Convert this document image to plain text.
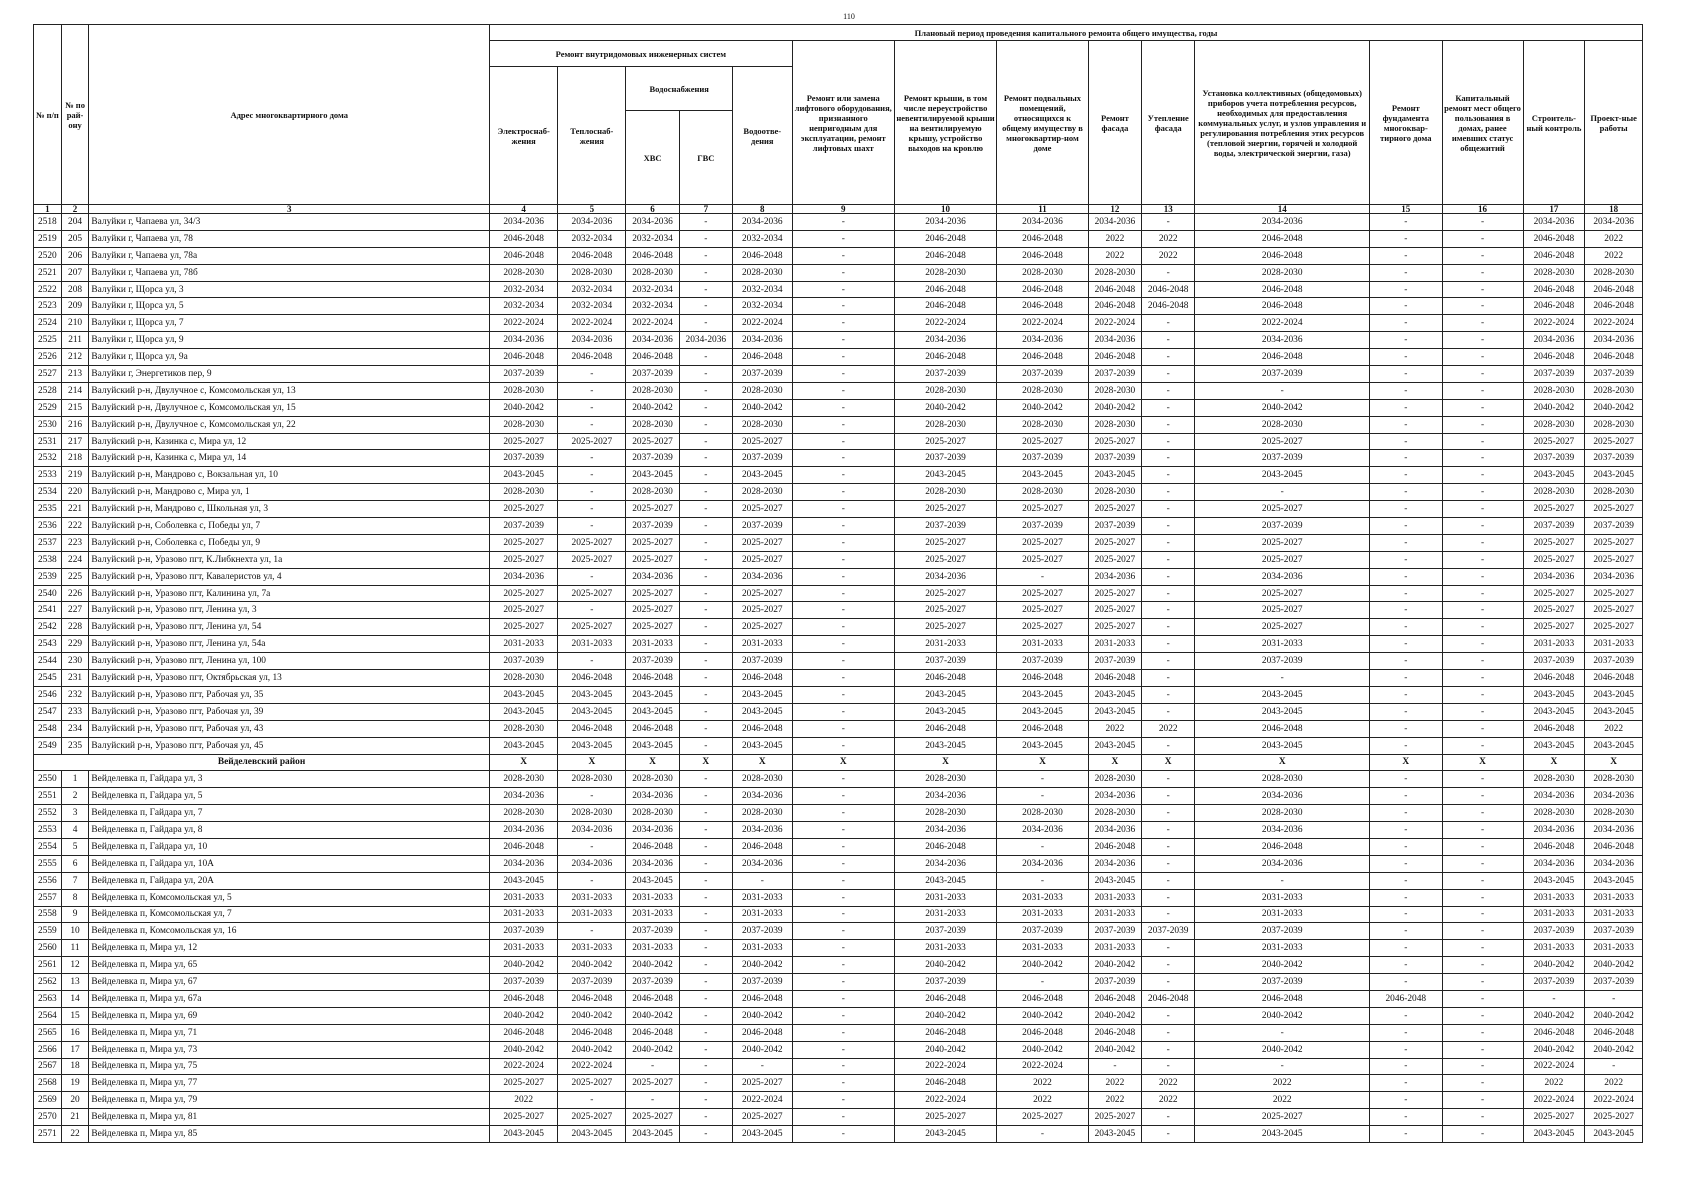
110
№ п/п	№ по рай-ону	Адрес многоквартирного дома	Плановый период проведения капитального ремонта общего имущества, годы														
			Ремонт внутридомовых инженерных систем					Ремонт или замена лифтового оборудования, признанного непригодным для эксплуатации, ремонт лифтовых шахт	Ремонт крыши, в том числе переустройство невентилируемой крыши на вентилируемую крышу, устройство выходов на кровлю	Ремонт подвальных помещений, относящихся к общему имуществу в многоквартир-ном доме	Ремонт фасада	Утепление фасада	Установка коллективных (общедомовых) приборов учета потребления ресурсов, необходимых для предоставления коммунальных услуг, и узлов управления и регулирования потребления этих ресурсов (тепловой энергии, горячей и холодной воды, электрической энергии, газа)	Ремонт фундамента многоквар-тирного дома	Капитальный ремонт мест общего пользования в домах, ранее имевших статус общежитий	Строитель-ный контроль	Проект-ные работы
			Электроснаб-жения	Теплоснаб-жения	Водоснабжения		Водоотве-дения										
					ХВС	ГВС											
1	2	3	4	5	6	7	8	9	10	11	12	13	14	15	16	17	18
2518	204	Валуйки г, Чапаева ул, 34/3	2034-2036	2034-2036	2034-2036	-	2034-2036	-	2034-2036	2034-2036	2034-2036	-	2034-2036	-	-	2034-2036	2034-2036
2519	205	Валуйки г, Чапаева ул, 78	2046-2048	2032-2034	2032-2034	-	2032-2034	-	2046-2048	2046-2048	2022	2022	2046-2048	-	-	2046-2048	2022
2520	206	Валуйки г, Чапаева ул, 78а	2046-2048	2046-2048	2046-2048	-	2046-2048	-	2046-2048	2046-2048	2022	2022	2046-2048	-	-	2046-2048	2022
2521	207	Валуйки г, Чапаева ул, 78б	2028-2030	2028-2030	2028-2030	-	2028-2030	-	2028-2030	2028-2030	2028-2030	-	2028-2030	-	-	2028-2030	2028-2030
2522	208	Валуйки г, Щорса ул, 3	2032-2034	2032-2034	2032-2034	-	2032-2034	-	2046-2048	2046-2048	2046-2048	2046-2048	2046-2048	-	-	2046-2048	2046-2048
2523	209	Валуйки г, Щорса ул, 5	2032-2034	2032-2034	2032-2034	-	2032-2034	-	2046-2048	2046-2048	2046-2048	2046-2048	2046-2048	-	-	2046-2048	2046-2048
2524	210	Валуйки г, Щорса ул, 7	2022-2024	2022-2024	2022-2024	-	2022-2024	-	2022-2024	2022-2024	2022-2024	-	2022-2024	-	-	2022-2024	2022-2024
2525	211	Валуйки г, Щорса ул, 9	2034-2036	2034-2036	2034-2036	2034-2036	2034-2036	-	2034-2036	2034-2036	2034-2036	-	2034-2036	-	-	2034-2036	2034-2036
2526	212	Валуйки г, Щорса ул, 9а	2046-2048	2046-2048	2046-2048	-	2046-2048	-	2046-2048	2046-2048	2046-2048	-	2046-2048	-	-	2046-2048	2046-2048
2527	213	Валуйки г, Энергетиков пер, 9	2037-2039	-	2037-2039	-	2037-2039	-	2037-2039	2037-2039	2037-2039	-	2037-2039	-	-	2037-2039	2037-2039
2528	214	Валуйский р-н, Двулучное с, Комсомольская ул, 13	2028-2030	-	2028-2030	-	2028-2030	-	2028-2030	2028-2030	2028-2030	-	-	-	-	2028-2030	2028-2030
2529	215	Валуйский р-н, Двулучное с, Комсомольская ул, 15	2040-2042	-	2040-2042	-	2040-2042	-	2040-2042	2040-2042	2040-2042	-	2040-2042	-	-	2040-2042	2040-2042
2530	216	Валуйский р-н, Двулучное с, Комсомольская ул, 22	2028-2030	-	2028-2030	-	2028-2030	-	2028-2030	2028-2030	2028-2030	-	2028-2030	-	-	2028-2030	2028-2030
2531	217	Валуйский р-н, Казинка с, Мира ул, 12	2025-2027	2025-2027	2025-2027	-	2025-2027	-	2025-2027	2025-2027	2025-2027	-	2025-2027	-	-	2025-2027	2025-2027
2532	218	Валуйский р-н, Казинка с, Мира ул, 14	2037-2039	-	2037-2039	-	2037-2039	-	2037-2039	2037-2039	2037-2039	-	2037-2039	-	-	2037-2039	2037-2039
2533	219	Валуйский р-н, Мандрово с, Вокзальная ул, 10	2043-2045	-	2043-2045	-	2043-2045	-	2043-2045	2043-2045	2043-2045	-	2043-2045	-	-	2043-2045	2043-2045
2534	220	Валуйский р-н, Мандрово с, Мира ул, 1	2028-2030	-	2028-2030	-	2028-2030	-	2028-2030	2028-2030	2028-2030	-	-	-	-	2028-2030	2028-2030
2535	221	Валуйский р-н, Мандрово с, Школьная ул, 3	2025-2027	-	2025-2027	-	2025-2027	-	2025-2027	2025-2027	2025-2027	-	2025-2027	-	-	2025-2027	2025-2027
2536	222	Валуйский р-н, Соболевка с, Победы ул, 7	2037-2039	-	2037-2039	-	2037-2039	-	2037-2039	2037-2039	2037-2039	-	2037-2039	-	-	2037-2039	2037-2039
2537	223	Валуйский р-н, Соболевка с, Победы ул, 9	2025-2027	2025-2027	2025-2027	-	2025-2027	-	2025-2027	2025-2027	2025-2027	-	2025-2027	-	-	2025-2027	2025-2027
2538	224	Валуйский р-н, Уразово пгт, К.Либкнехта ул, 1а	2025-2027	2025-2027	2025-2027	-	2025-2027	-	2025-2027	2025-2027	2025-2027	-	2025-2027	-	-	2025-2027	2025-2027
2539	225	Валуйский р-н, Уразово пгт, Кавалеристов ул, 4	2034-2036	-	2034-2036	-	2034-2036	-	2034-2036	-	2034-2036	-	2034-2036	-	-	2034-2036	2034-2036
2540	226	Валуйский р-н, Уразово пгт, Калинина ул, 7а	2025-2027	2025-2027	2025-2027	-	2025-2027	-	2025-2027	2025-2027	2025-2027	-	2025-2027	-	-	2025-2027	2025-2027
2541	227	Валуйский р-н, Уразово пгт, Ленина ул, 3	2025-2027	-	2025-2027	-	2025-2027	-	2025-2027	2025-2027	2025-2027	-	2025-2027	-	-	2025-2027	2025-2027
2542	228	Валуйский р-н, Уразово пгт, Ленина ул, 54	2025-2027	2025-2027	2025-2027	-	2025-2027	-	2025-2027	2025-2027	2025-2027	-	2025-2027	-	-	2025-2027	2025-2027
2543	229	Валуйский р-н, Уразово пгт, Ленина ул, 54а	2031-2033	2031-2033	2031-2033	-	2031-2033	-	2031-2033	2031-2033	2031-2033	-	2031-2033	-	-	2031-2033	2031-2033
2544	230	Валуйский р-н, Уразово пгт, Ленина ул, 100	2037-2039	-	2037-2039	-	2037-2039	-	2037-2039	2037-2039	2037-2039	-	2037-2039	-	-	2037-2039	2037-2039
2545	231	Валуйский р-н, Уразово пгт, Октябрьская ул, 13	2028-2030	2046-2048	2046-2048	-	2046-2048	-	2046-2048	2046-2048	2046-2048	-	-	-	-	2046-2048	2046-2048
2546	232	Валуйский р-н, Уразово пгт, Рабочая ул, 35	2043-2045	2043-2045	2043-2045	-	2043-2045	-	2043-2045	2043-2045	2043-2045	-	2043-2045	-	-	2043-2045	2043-2045
2547	233	Валуйский р-н, Уразово пгт, Рабочая ул, 39	2043-2045	2043-2045	2043-2045	-	2043-2045	-	2043-2045	2043-2045	2043-2045	-	2043-2045	-	-	2043-2045	2043-2045
2548	234	Валуйский р-н, Уразово пгт, Рабочая ул, 43	2028-2030	2046-2048	2046-2048	-	2046-2048	-	2046-2048	2046-2048	2022	2022	2046-2048	-	-	2046-2048	2022
2549	235	Валуйский р-н, Уразово пгт, Рабочая ул, 45	2043-2045	2043-2045	2043-2045	-	2043-2045	-	2043-2045	2043-2045	2043-2045	-	2043-2045	-	-	2043-2045	2043-2045
Вейделевский район			X	X	X	X	X	X	X	X	X	X	X	X	X	X	X
2550	1	Вейделевка п, Гайдара ул, 3	2028-2030	2028-2030	2028-2030	-	2028-2030	-	2028-2030	-	2028-2030	-	2028-2030	-	-	2028-2030	2028-2030
2551	2	Вейделевка п, Гайдара ул, 5	2034-2036	-	2034-2036	-	2034-2036	-	2034-2036	-	2034-2036	-	2034-2036	-	-	2034-2036	2034-2036
2552	3	Вейделевка п, Гайдара ул, 7	2028-2030	2028-2030	2028-2030	-	2028-2030	-	2028-2030	2028-2030	2028-2030	-	2028-2030	-	-	2028-2030	2028-2030
2553	4	Вейделевка п, Гайдара ул, 8	2034-2036	2034-2036	2034-2036	-	2034-2036	-	2034-2036	2034-2036	2034-2036	-	2034-2036	-	-	2034-2036	2034-2036
2554	5	Вейделевка п, Гайдара ул, 10	2046-2048	-	2046-2048	-	2046-2048	-	2046-2048	-	2046-2048	-	2046-2048	-	-	2046-2048	2046-2048
2555	6	Вейделевка п, Гайдара ул, 10А	2034-2036	2034-2036	2034-2036	-	2034-2036	-	2034-2036	2034-2036	2034-2036	-	2034-2036	-	-	2034-2036	2034-2036
2556	7	Вейделевка п, Гайдара ул, 20А	2043-2045	-	2043-2045	-	-	-	2043-2045	-	2043-2045	-	-	-	-	2043-2045	2043-2045
2557	8	Вейделевка п, Комсомольская ул, 5	2031-2033	2031-2033	2031-2033	-	2031-2033	-	2031-2033	2031-2033	2031-2033	-	2031-2033	-	-	2031-2033	2031-2033
2558	9	Вейделевка п, Комсомольская ул, 7	2031-2033	2031-2033	2031-2033	-	2031-2033	-	2031-2033	2031-2033	2031-2033	-	2031-2033	-	-	2031-2033	2031-2033
2559	10	Вейделевка п, Комсомольская ул, 16	2037-2039	-	2037-2039	-	2037-2039	-	2037-2039	2037-2039	2037-2039	2037-2039	2037-2039	-	-	2037-2039	2037-2039
2560	11	Вейделевка п, Мира ул, 12	2031-2033	2031-2033	2031-2033	-	2031-2033	-	2031-2033	2031-2033	2031-2033	-	2031-2033	-	-	2031-2033	2031-2033
2561	12	Вейделевка п, Мира ул, 65	2040-2042	2040-2042	2040-2042	-	2040-2042	-	2040-2042	2040-2042	2040-2042	-	2040-2042	-	-	2040-2042	2040-2042
2562	13	Вейделевка п, Мира ул, 67	2037-2039	2037-2039	2037-2039	-	2037-2039	-	2037-2039	-	2037-2039	-	2037-2039	-	-	2037-2039	2037-2039
2563	14	Вейделевка п, Мира ул, 67а	2046-2048	2046-2048	2046-2048	-	2046-2048	-	2046-2048	2046-2048	2046-2048	2046-2048	2046-2048	2046-2048	-	-	-
2564	15	Вейделевка п, Мира ул, 69	2040-2042	2040-2042	2040-2042	-	2040-2042	-	2040-2042	2040-2042	2040-2042	-	2040-2042	-	-	2040-2042	2040-2042
2565	16	Вейделевка п, Мира ул, 71	2046-2048	2046-2048	2046-2048	-	2046-2048	-	2046-2048	2046-2048	2046-2048	-	-	-	-	2046-2048	2046-2048
2566	17	Вейделевка п, Мира ул, 73	2040-2042	2040-2042	2040-2042	-	2040-2042	-	2040-2042	2040-2042	2040-2042	-	2040-2042	-	-	2040-2042	2040-2042
2567	18	Вейделевка п, Мира ул, 75	2022-2024	2022-2024	-	-	-	-	2022-2024	2022-2024	-	-	-	-	-	2022-2024	-
2568	19	Вейделевка п, Мира ул, 77	2025-2027	2025-2027	2025-2027	-	2025-2027	-	2046-2048	2022	2022	2022	2022	-	-	2022	2022
2569	20	Вейделевка п, Мира ул, 79	2022	-	-	-	2022-2024	-	2022-2024	2022	2022	2022	2022	-	-	2022-2024	2022-2024
2570	21	Вейделевка п, Мира ул, 81	2025-2027	2025-2027	2025-2027	-	2025-2027	-	2025-2027	2025-2027	2025-2027	-	2025-2027	-	-	2025-2027	2025-2027
2571	22	Вейделевка п, Мира ул, 85	2043-2045	2043-2045	2043-2045	-	2043-2045	-	2043-2045	-	2043-2045	-	2043-2045	-	-	2043-2045	2043-2045
